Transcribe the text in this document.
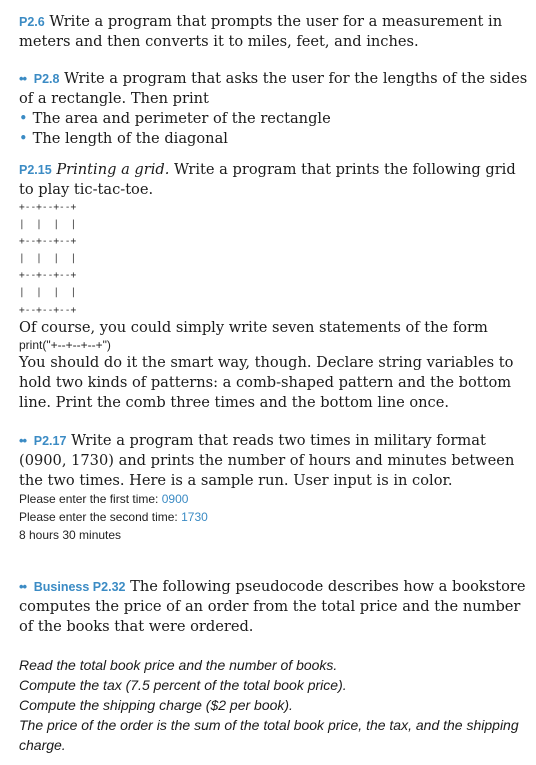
P2.6 Write a program that prompts the user for a measurement in meters and then converts it to miles, feet, and inches.

•• P2.8 Write a program that asks the user for the lengths of the sides of a rectangle. Then print

• The area and perimeter of the rectangle

• The length of the diagonal

P2.15 Printing a grid. Write a program that prints the following grid to play tic-tac-toe.

+--+--+--+
|  |  |  |
+--+--+--+
|  |  |  |
+--+--+--+
|  |  |  |
+--+--+--+

Of course, you could simply write seven statements of the form

print("+--+--+--+")

You should do it the smart way, though. Declare string variables to hold two kinds of patterns: a comb-shaped pattern and the bottom line. Print the comb three times and the bottom line once.

•• P2.17 Write a program that reads two times in military format (0900, 1730) and prints the number of hours and minutes between the two times. Here is a sample run. User input is in color.

Please enter the first time: 0900

Please enter the second time: 1730

8 hours 30 minutes

•• Business P2.32 The following pseudocode describes how a bookstore computes the price of an order from the total price and the number of the books that were ordered.

Read the total book price and the number of books.

Compute the tax (7.5 percent of the total book price).

Compute the shipping charge ($2 per book).

The price of the order is the sum of the total book price, the tax, and the shipping charge.
